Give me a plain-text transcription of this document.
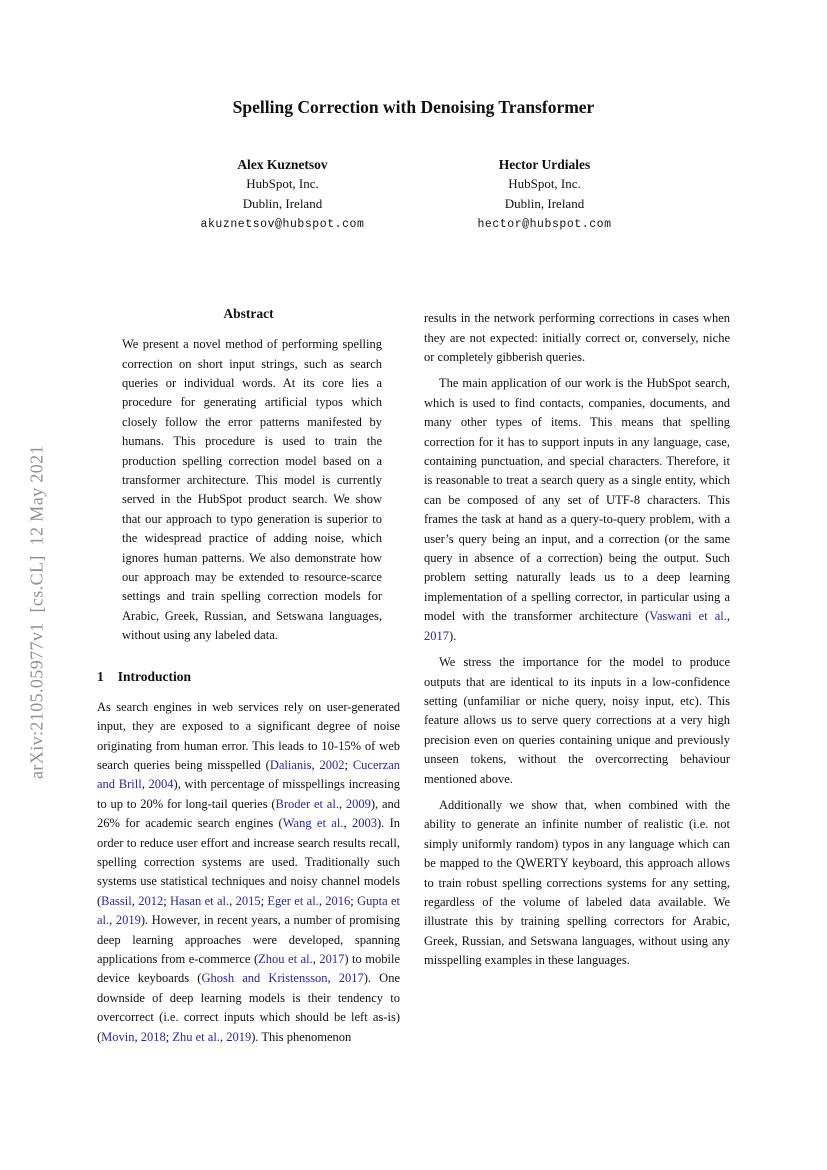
arXiv:2105.05977v1  [cs.CL]  12 May 2021
Spelling Correction with Denoising Transformer
Alex Kuznetsov
HubSpot, Inc.
Dublin, Ireland
akuznetsov@hubspot.com
Hector Urdiales
HubSpot, Inc.
Dublin, Ireland
hector@hubspot.com
Abstract
We present a novel method of performing spelling correction on short input strings, such as search queries or individual words. At its core lies a procedure for generating artificial typos which closely follow the error patterns manifested by humans. This procedure is used to train the production spelling correction model based on a transformer architecture. This model is currently served in the HubSpot product search. We show that our approach to typo generation is superior to the widespread practice of adding noise, which ignores human patterns. We also demonstrate how our approach may be extended to resource-scarce settings and train spelling correction models for Arabic, Greek, Russian, and Setswana languages, without using any labeled data.
1 Introduction
As search engines in web services rely on user-generated input, they are exposed to a significant degree of noise originating from human error. This leads to 10-15% of web search queries being misspelled (Dalianis, 2002; Cucerzan and Brill, 2004), with percentage of misspellings increasing to up to 20% for long-tail queries (Broder et al., 2009), and 26% for academic search engines (Wang et al., 2003). In order to reduce user effort and increase search results recall, spelling correction systems are used. Traditionally such systems use statistical techniques and noisy channel models (Bassil, 2012; Hasan et al., 2015; Eger et al., 2016; Gupta et al., 2019). However, in recent years, a number of promising deep learning approaches were developed, spanning applications from e-commerce (Zhou et al., 2017) to mobile device keyboards (Ghosh and Kristensson, 2017). One downside of deep learning models is their tendency to overcorrect (i.e. correct inputs which should be left as-is) (Movin, 2018; Zhu et al., 2019). This phenomenon
results in the network performing corrections in cases when they are not expected: initially correct or, conversely, niche or completely gibberish queries.
The main application of our work is the HubSpot search, which is used to find contacts, companies, documents, and many other types of items. This means that spelling correction for it has to support inputs in any language, case, containing punctuation, and special characters. Therefore, it is reasonable to treat a search query as a single entity, which can be composed of any set of UTF-8 characters. This frames the task at hand as a query-to-query problem, with a user’s query being an input, and a correction (or the same query in absence of a correction) being the output. Such problem setting naturally leads us to a deep learning implementation of a spelling corrector, in particular using a model with the transformer architecture (Vaswani et al., 2017).
We stress the importance for the model to produce outputs that are identical to its inputs in a low-confidence setting (unfamiliar or niche query, noisy input, etc). This feature allows us to serve query corrections at a very high precision even on queries containing unique and previously unseen tokens, without the overcorrecting behaviour mentioned above.
Additionally we show that, when combined with the ability to generate an infinite number of realistic (i.e. not simply uniformly random) typos in any language which can be mapped to the QWERTY keyboard, this approach allows to train robust spelling corrections systems for any setting, regardless of the volume of labeled data available. We illustrate this by training spelling correctors for Arabic, Greek, Russian, and Setswana languages, without using any misspelling examples in these languages.
